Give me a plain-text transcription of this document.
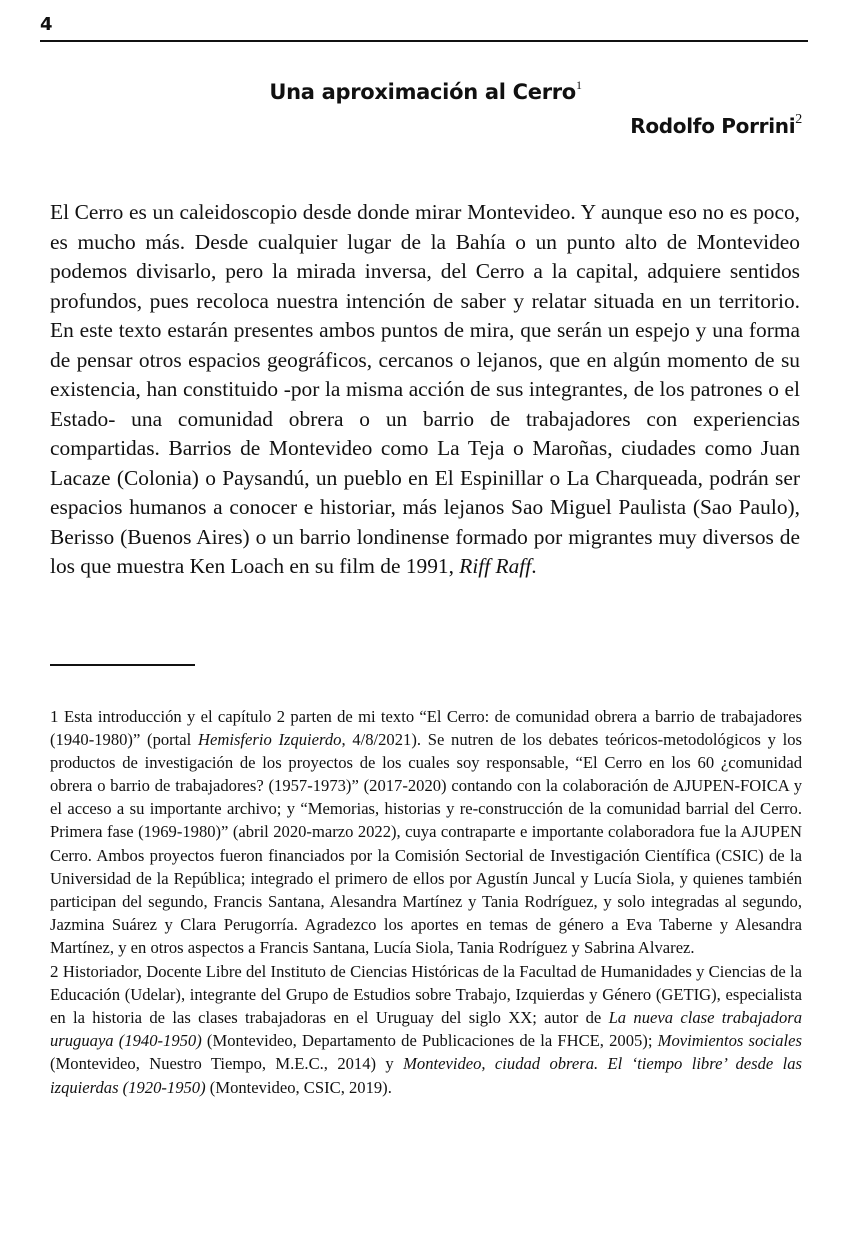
4
Una aproximación al Cerro$^1$
Rodolfo Porrini$^2$

El Cerro es un caleidoscopio desde donde mirar Montevideo. Y aunque eso no es poco, es mucho más. Desde cualquier lugar de la Bahía o un punto alto de Montevideo podemos divisarlo, pero la mirada inversa, del Cerro a la capital, adquiere sentidos profundos, pues recoloca nuestra intención de saber y relatar situada en un territorio. En este texto estarán presentes ambos puntos de mira, que serán un espejo y una forma de pensar otros espacios geográficos, cercanos o lejanos, que en algún momento de su existencia, han constituido -por la misma acción de sus integrantes, de los patrones o el Estado- una comunidad obrera o un barrio de trabajadores con experiencias compartidas. Barrios de Montevideo como La Teja o Maroñas, ciudades como Juan Lacaze (Colonia) o Paysandú, un pueblo en El Espinillar o La Charqueada, podrán ser espacios humanos a conocer e historiar, más lejanos Sao Miguel Paulista (Sao Paulo), Berisso (Buenos Aires) o un barrio londinense formado por migrantes muy diversos de los que muestra Ken Loach en su film de 1991, Riff Raff.

1 Esta introducción y el capítulo 2 parten de mi texto “El Cerro: de comunidad obrera a barrio de trabajadores (1940-1980)” (portal Hemisferio Izquierdo, 4/8/2021). Se nutren de los debates teóricos-metodológicos y los productos de investigación de los proyectos de los cuales soy responsable, “El Cerro en los 60 ¿comunidad obrera o barrio de trabajadores? (1957-1973)” (2017-2020) contando con la colaboración de AJUPEN-FOICA y el acceso a su importante archivo; y “Memorias, historias y re-construcción de la comunidad barrial del Cerro. Primera fase (1969-1980)” (abril 2020-marzo 2022), cuya contraparte e importante colaboradora fue la AJUPEN Cerro. Ambos proyectos fueron financiados por la Comisión Sectorial de Investigación Científica (CSIC) de la Universidad de la República; integrado el primero de ellos por Agustín Juncal y Lucía Siola, y quienes también participan del segundo, Francis Santana, Alesandra Martínez y Tania Rodríguez, y solo integradas al segundo, Jazmina Suárez y Clara Perugorría. Agradezco los aportes en temas de género a Eva Taberne y Alesandra Martínez, y en otros aspectos a Francis Santana, Lucía Siola, Tania Rodríguez y Sabrina Alvarez.

2 Historiador, Docente Libre del Instituto de Ciencias Históricas de la Facultad de Humanidades y Ciencias de la Educación (Udelar), integrante del Grupo de Estudios sobre Trabajo, Izquierdas y Género (GETIG), especialista en la historia de las clases trabajadoras en el Uruguay del siglo XX; autor de La nueva clase trabajadora uruguaya (1940-1950) (Montevideo, Departamento de Publicaciones de la FHCE, 2005); Movimientos sociales (Montevideo, Nuestro Tiempo, M.E.C., 2014) y Montevideo, ciudad obrera. El ‘tiempo libre’ desde las izquierdas (1920-1950) (Montevideo, CSIC, 2019).
